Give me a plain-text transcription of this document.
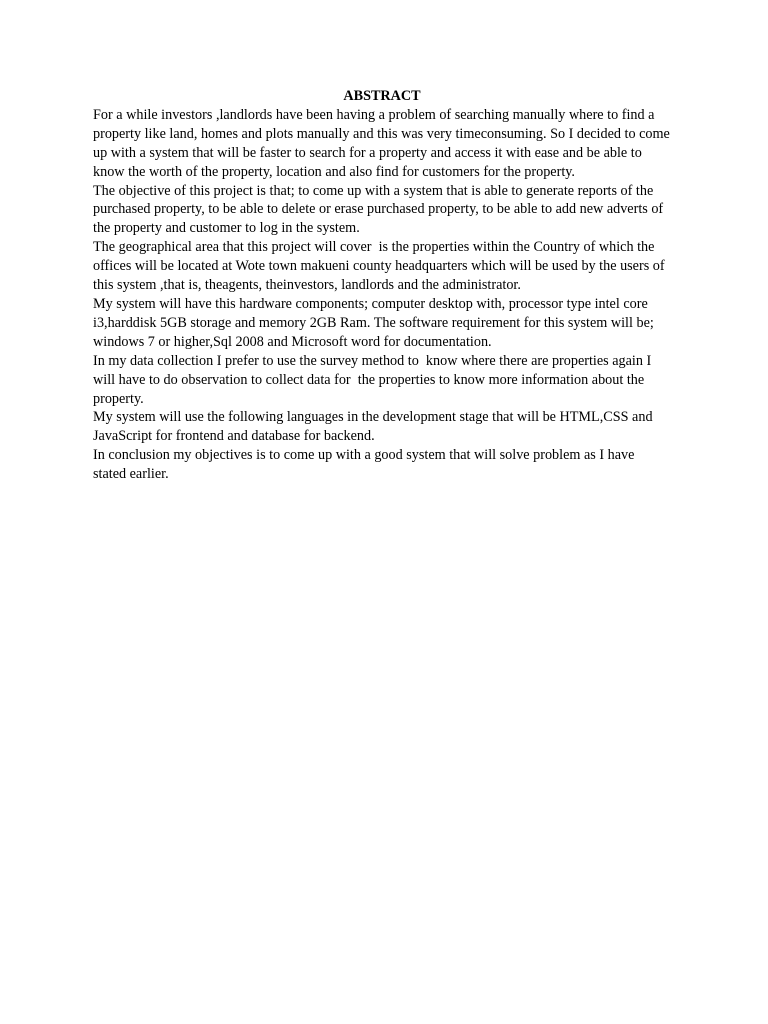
ABSTRACT

For a while investors ,landlords have been having a problem of searching manually where to find a property like land, homes and plots manually and this was very timeconsuming. So I decided to come up with a system that will be faster to search for a property and access it with ease and be able to know the worth of the property, location and also find for customers for the property.

The objective of this project is that; to come up with a system that is able to generate reports of the purchased property, to be able to delete or erase purchased property, to be able to add new adverts of the property and customer to log in the system.

The geographical area that this project will cover  is the properties within the Country of which the offices will be located at Wote town makueni county headquarters which will be used by the users of this system ,that is, theagents, theinvestors, landlords and the administrator.

My system will have this hardware components; computer desktop with, processor type intel core i3,harddisk 5GB storage and memory 2GB Ram. The software requirement for this system will be; windows 7 or higher,Sql 2008 and Microsoft word for documentation.

In my data collection I prefer to use the survey method to  know where there are properties again I will have to do observation to collect data for  the properties to know more information about the property.

My system will use the following languages in the development stage that will be HTML,CSS and JavaScript for frontend and database for backend.

In conclusion my objectives is to come up with a good system that will solve problem as I have stated earlier.
